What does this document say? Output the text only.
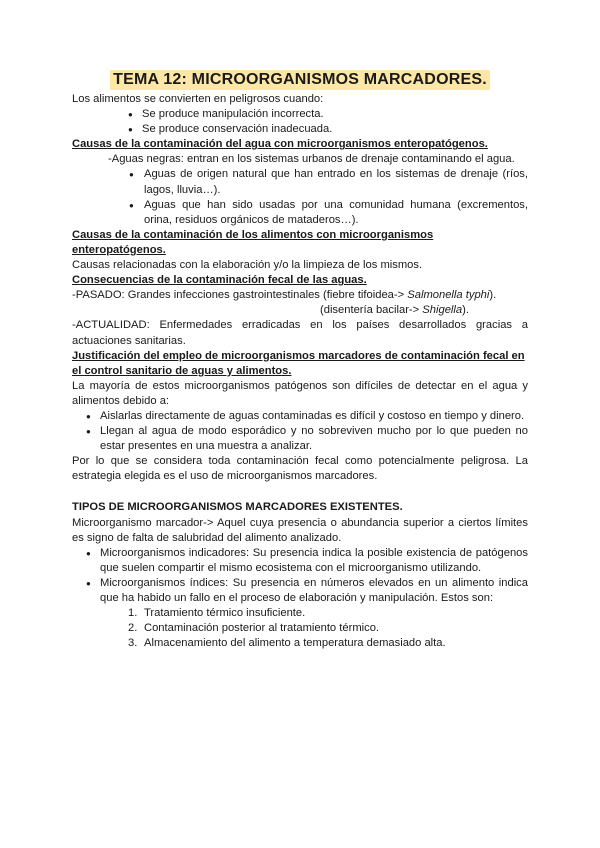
TEMA 12: MICROORGANISMOS MARCADORES.

Los alimentos se convierten en peligrosos cuando:

● Se produce manipulación incorrecta.
● Se produce conservación inadecuada.

Causas de la contaminación del agua con microorganismos enteropatógenos.

-Aguas negras: entran en los sistemas urbanos de drenaje contaminando el agua.

● Aguas de origen natural que han entrado en los sistemas de drenaje (ríos, lagos, lluvia…).
● Aguas que han sido usadas por una comunidad humana (excrementos, orina, residuos orgánicos de mataderos…).

Causas de la contaminación de los alimentos con microorganismos enteropatógenos.

Causas relacionadas con la elaboración y/o la limpieza de los mismos.

Consecuencias de la contaminación fecal de las aguas.

-PASADO: Grandes infecciones gastrointestinales (fiebre tifoidea-> Salmonella typhi).

(disentería bacilar-> Shigella).

-ACTUALIDAD: Enfermedades erradicadas en los países desarrollados gracias a actuaciones sanitarias.

Justificación del empleo de microorganismos marcadores de contaminación fecal en el control sanitario de aguas y alimentos.

La mayoría de estos microorganismos patógenos son difíciles de detectar en el agua y alimentos debido a:

● Aislarlas directamente de aguas contaminadas es difícil y costoso en tiempo y dinero.
● Llegan al agua de modo esporádico y no sobreviven mucho por lo que pueden no estar presentes en una muestra a analizar.

Por lo que se considera toda contaminación fecal como potencialmente peligrosa. La estrategia elegida es el uso de microorganismos marcadores.

TIPOS DE MICROORGANISMOS MARCADORES EXISTENTES.

Microorganismo marcador-> Aquel cuya presencia o abundancia superior a ciertos límites es signo de falta de salubridad del alimento analizado.

● Microorganismos indicadores: Su presencia indica la posible existencia de patógenos que suelen compartir el mismo ecosistema con el microorganismo utilizando.
● Microorganismos índices: Su presencia en números elevados en un alimento indica que ha habido un fallo en el proceso de elaboración y manipulación. Estos son:
1. Tratamiento térmico insuficiente.
2. Contaminación posterior al tratamiento térmico.
3. Almacenamiento del alimento a temperatura demasiado alta.
